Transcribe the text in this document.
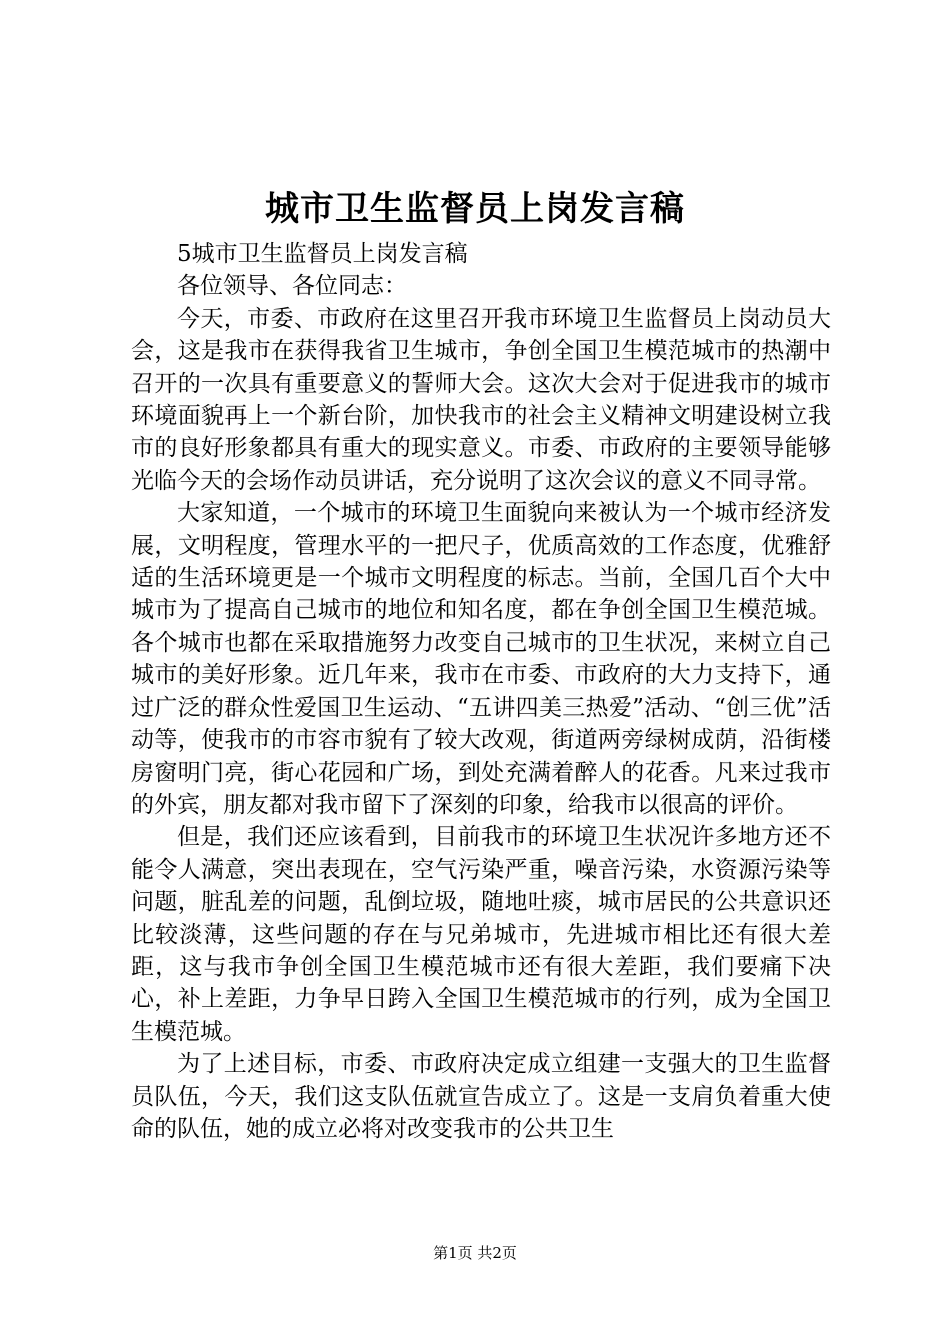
城市卫生监督员上岗发言稿

5城市卫生监督员上岗发言稿

各位领导、各位同志：

今天，市委、市政府在这里召开我市环境卫生监督员上岗动员大会，这是我市在获得我省卫生城市，争创全国卫生模范城市的热潮中召开的一次具有重要意义的誓师大会。这次大会对于促进我市的城市环境面貌再上一个新台阶，加快我市的社会主义精神文明建设树立我市的良好形象都具有重大的现实意义。市委、市政府的主要领导能够光临今天的会场作动员讲话，充分说明了这次会议的意义不同寻常。

大家知道，一个城市的环境卫生面貌向来被认为一个城市经济发展，文明程度，管理水平的一把尺子，优质高效的工作态度，优雅舒适的生活环境更是一个城市文明程度的标志。当前，全国几百个大中城市为了提高自己城市的地位和知名度，都在争创全国卫生模范城。各个城市也都在采取措施努力改变自己城市的卫生状况，来树立自己城市的美好形象。近几年来，我市在市委、市政府的大力支持下，通过广泛的群众性爱国卫生运动、“五讲四美三热爱”活动、“创三优”活动等，使我市的市容市貌有了较大改观，街道两旁绿树成荫，沿街楼房窗明门亮，街心花园和广场，到处充满着醉人的花香。凡来过我市的外宾，朋友都对我市留下了深刻的印象，给我市以很高的评价。

但是，我们还应该看到，目前我市的环境卫生状况许多地方还不能令人满意，突出表现在，空气污染严重，噪音污染，水资源污染等问题，脏乱差的问题，乱倒垃圾，随地吐痰，城市居民的公共意识还比较淡薄，这些问题的存在与兄弟城市，先进城市相比还有很大差距，这与我市争创全国卫生模范城市还有很大差距，我们要痛下决心，补上差距，力争早日跨入全国卫生模范城市的行列，成为全国卫生模范城。

为了上述目标，市委、市政府决定成立组建一支强大的卫生监督员队伍，今天，我们这支队伍就宣告成立了。这是一支肩负着重大使命的队伍，她的成立必将对改变我市的公共卫生

第1页 共2页
